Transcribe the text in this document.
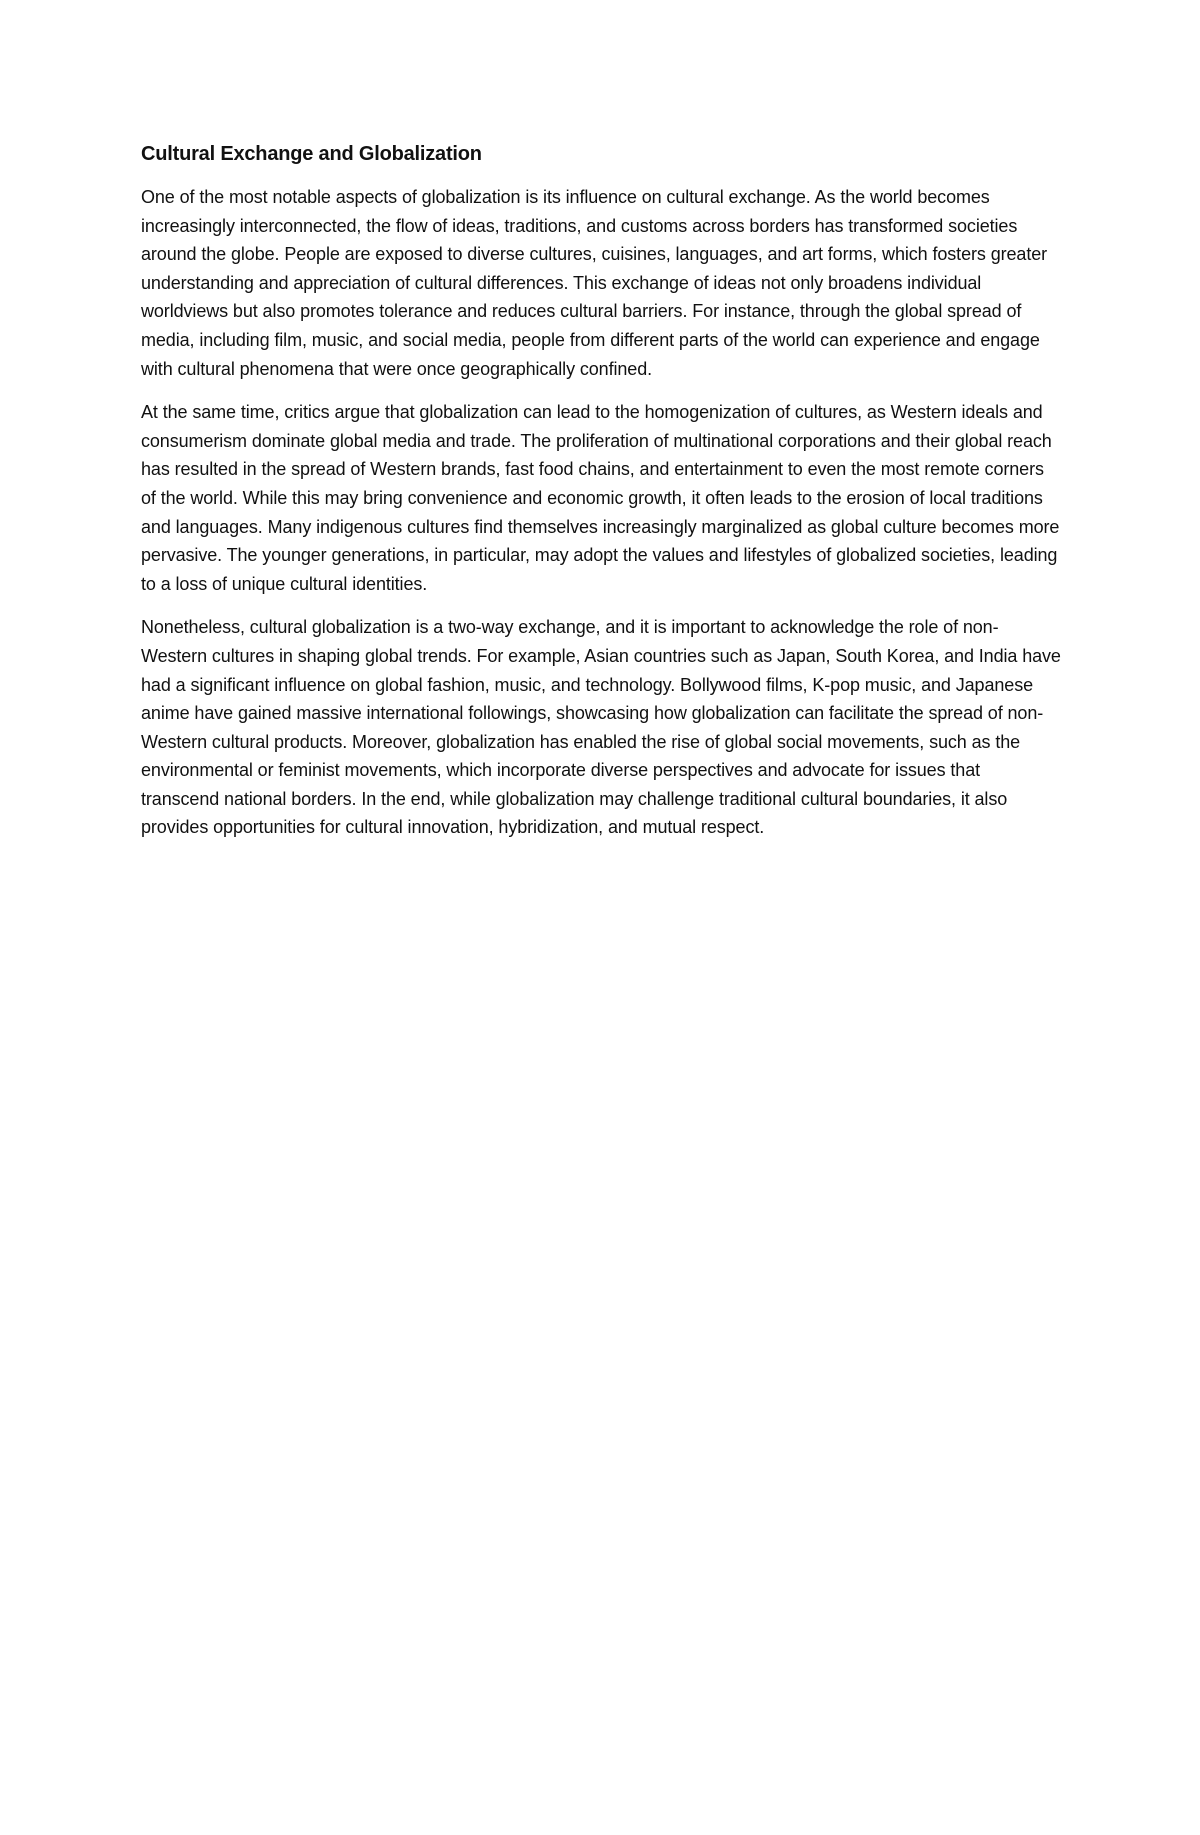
Cultural Exchange and Globalization

One of the most notable aspects of globalization is its influence on cultural exchange. As the world becomes increasingly interconnected, the flow of ideas, traditions, and customs across borders has transformed societies around the globe. People are exposed to diverse cultures, cuisines, languages, and art forms, which fosters greater understanding and appreciation of cultural differences. This exchange of ideas not only broadens individual worldviews but also promotes tolerance and reduces cultural barriers. For instance, through the global spread of media, including film, music, and social media, people from different parts of the world can experience and engage with cultural phenomena that were once geographically confined.

At the same time, critics argue that globalization can lead to the homogenization of cultures, as Western ideals and consumerism dominate global media and trade. The proliferation of multinational corporations and their global reach has resulted in the spread of Western brands, fast food chains, and entertainment to even the most remote corners of the world. While this may bring convenience and economic growth, it often leads to the erosion of local traditions and languages. Many indigenous cultures find themselves increasingly marginalized as global culture becomes more pervasive. The younger generations, in particular, may adopt the values and lifestyles of globalized societies, leading to a loss of unique cultural identities.

Nonetheless, cultural globalization is a two-way exchange, and it is important to acknowledge the role of non-Western cultures in shaping global trends. For example, Asian countries such as Japan, South Korea, and India have had a significant influence on global fashion, music, and technology. Bollywood films, K-pop music, and Japanese anime have gained massive international followings, showcasing how globalization can facilitate the spread of non-Western cultural products. Moreover, globalization has enabled the rise of global social movements, such as the environmental or feminist movements, which incorporate diverse perspectives and advocate for issues that transcend national borders. In the end, while globalization may challenge traditional cultural boundaries, it also provides opportunities for cultural innovation, hybridization, and mutual respect.
